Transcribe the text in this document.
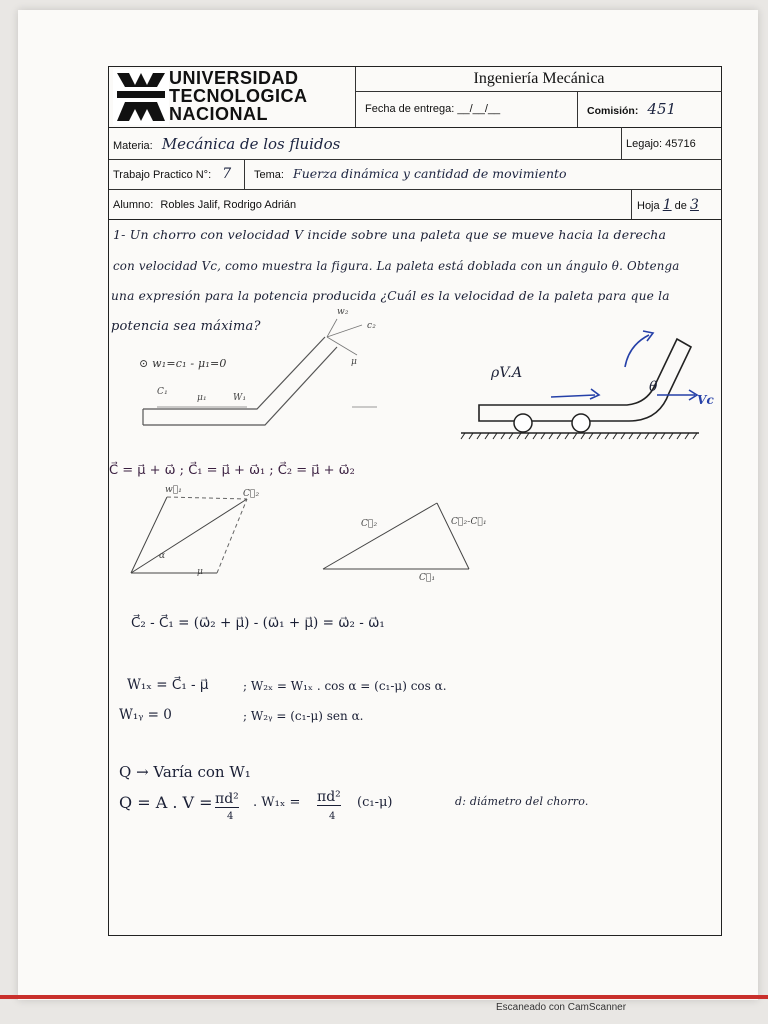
UNIVERSIDAD
TECNOLOGICA
NACIONAL
Ingeniería Mecánica
Fecha de entrega: __/__/__	Comisión: 451
Materia: Mecánica de los fluidos	Legajo: 45716
Trabajo Practico N°: 7	Tema: Fuerza dinámica y cantidad de movimiento
Alumno: Robles Jalif, Rodrigo Adrián	Hoja 1 de 3
1- Un chorro con velocidad V incide sobre una paleta que se mueve hacia la derecha
con velocidad Vc, como muestra la figura. La paleta está doblada con un ángulo θ. Obtenga
una expresión para la potencia producida ¿Cuál es la velocidad de la paleta para que la
potencia sea máxima?
⊙ w₁=c₁ - μ₁=0
C₁
μ₁	W₁
w₂
c₂
μ
ρV.A
θ
Vc
C⃗ = μ⃗ + ω⃗ ; C⃗₁ = μ⃗ + ω⃗₁ ; C⃗₂ = μ⃗ + ω⃗₂
w⃗₁	C⃗₂
α
μ
C⃗₂	C⃗₂-C⃗₁
C⃗₁
C⃗₂ - C⃗₁ = (ω⃗₂ + μ⃗) - (ω⃗₁ + μ⃗) = ω⃗₂ - ω⃗₁
W₁ₓ = C⃗₁ - μ⃗	; W₂ₓ = W₁ₓ . cos α = (c₁-μ) cos α.
W₁ᵧ = 0	; W₂ᵧ = (c₁-μ) sen α.
Q → Varía con W₁
Q = A . V = πd²
4
. W₁ₓ = πd²
4
(c₁-μ)	d: diámetro del chorro.
Escaneado con CamScanner
